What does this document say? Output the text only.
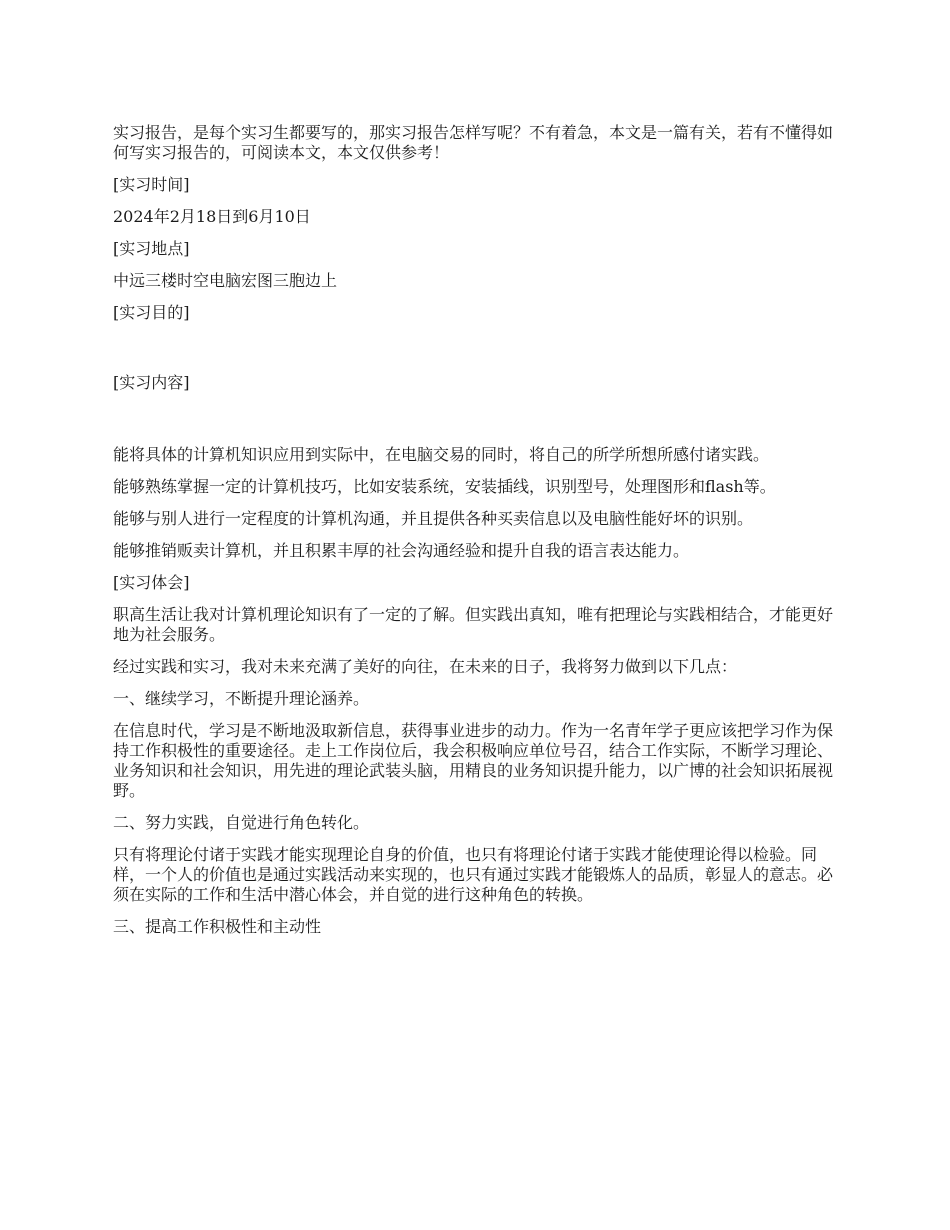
实习报告，是每个实习生都要写的，那实习报告怎样写呢？不有着急，本文是一篇有关，若有不懂得如何写实习报告的，可阅读本文，本文仅供参考！

[实习时间]

2024年2月18日到6月10日

[实习地点]

中远三楼时空电脑宏图三胞边上

[实习目的]

[实习内容]

能将具体的计算机知识应用到实际中，在电脑交易的同时，将自己的所学所想所感付诸实践。

能够熟练掌握一定的计算机技巧，比如安装系统，安装插线，识别型号，处理图形和flash等。

能够与别人进行一定程度的计算机沟通，并且提供各种买卖信息以及电脑性能好坏的识别。

能够推销贩卖计算机，并且积累丰厚的社会沟通经验和提升自我的语言表达能力。

[实习体会]

职高生活让我对计算机理论知识有了一定的了解。但实践出真知，唯有把理论与实践相结合，才能更好地为社会服务。

经过实践和实习，我对未来充满了美好的向往，在未来的日子，我将努力做到以下几点：

一、继续学习，不断提升理论涵养。

在信息时代，学习是不断地汲取新信息，获得事业进步的动力。作为一名青年学子更应该把学习作为保持工作积极性的重要途径。走上工作岗位后，我会积极响应单位号召，结合工作实际，不断学习理论、业务知识和社会知识，用先进的理论武装头脑，用精良的业务知识提升能力，以广博的社会知识拓展视野。

二、努力实践，自觉进行角色转化。

只有将理论付诸于实践才能实现理论自身的价值，也只有将理论付诸于实践才能使理论得以检验。同样，一个人的价值也是通过实践活动来实现的，也只有通过实践才能锻炼人的品质，彰显人的意志。必须在实际的工作和生活中潜心体会，并自觉的进行这种角色的转换。

三、提高工作积极性和主动性
